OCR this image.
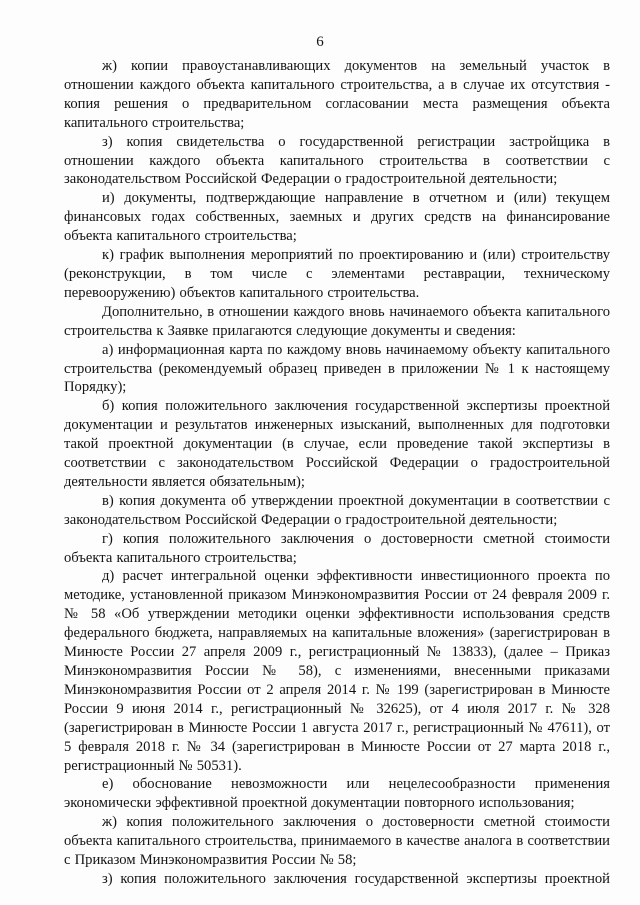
6

ж) копии правоустанавливающих документов на земельный участок в отношении каждого объекта капитального строительства, а в случае их отсутствия - копия решения о предварительном согласовании места размещения объекта капитального строительства;

з) копия свидетельства о государственной регистрации застройщика в отношении каждого объекта капитального строительства в соответствии с законодательством Российской Федерации о градостроительной деятельности;

и) документы, подтверждающие направление в отчетном и (или) текущем финансовых годах собственных, заемных и других средств на финансирование объекта капитального строительства;

к) график выполнения мероприятий по проектированию и (или) строительству (реконструкции, в том числе с элементами реставрации, техническому перевооружению) объектов капитального строительства.

Дополнительно, в отношении каждого вновь начинаемого объекта капитального строительства к Заявке прилагаются следующие документы и сведения:

а) информационная карта по каждому вновь начинаемому объекту капитального строительства (рекомендуемый образец приведен в приложении № 1 к настоящему Порядку);

б) копия положительного заключения государственной экспертизы проектной документации и результатов инженерных изысканий, выполненных для подготовки такой проектной документации (в случае, если проведение такой экспертизы в соответствии с законодательством Российской Федерации о градостроительной деятельности является обязательным);

в) копия документа об утверждении проектной документации в соответствии с законодательством Российской Федерации о градостроительной деятельности;

г) копия положительного заключения о достоверности сметной стоимости объекта капитального строительства;

д) расчет интегральной оценки эффективности инвестиционного проекта по методике, установленной приказом Минэкономразвития России от 24 февраля 2009 г. № 58 «Об утверждении методики оценки эффективности использования средств федерального бюджета, направляемых на капитальные вложения» (зарегистрирован в Минюсте России 27 апреля 2009 г., регистрационный № 13833), (далее – Приказ Минэкономразвития России № 58), с изменениями, внесенными приказами Минэкономразвития России от 2 апреля 2014 г. № 199 (зарегистрирован в Минюсте России 9 июня 2014 г., регистрационный № 32625), от 4 июля 2017 г. № 328 (зарегистрирован в Минюсте России 1 августа 2017 г., регистрационный № 47611), от 5 февраля 2018 г. № 34 (зарегистрирован в Минюсте России от 27 марта 2018 г., регистрационный № 50531).

е) обоснование невозможности или нецелесообразности применения экономически эффективной проектной документации повторного использования;

ж) копия положительного заключения о достоверности сметной стоимости объекта капитального строительства, принимаемого в качестве аналога в соответствии с Приказом Минэкономразвития России № 58;

з) копия положительного заключения государственной экспертизы проектной
